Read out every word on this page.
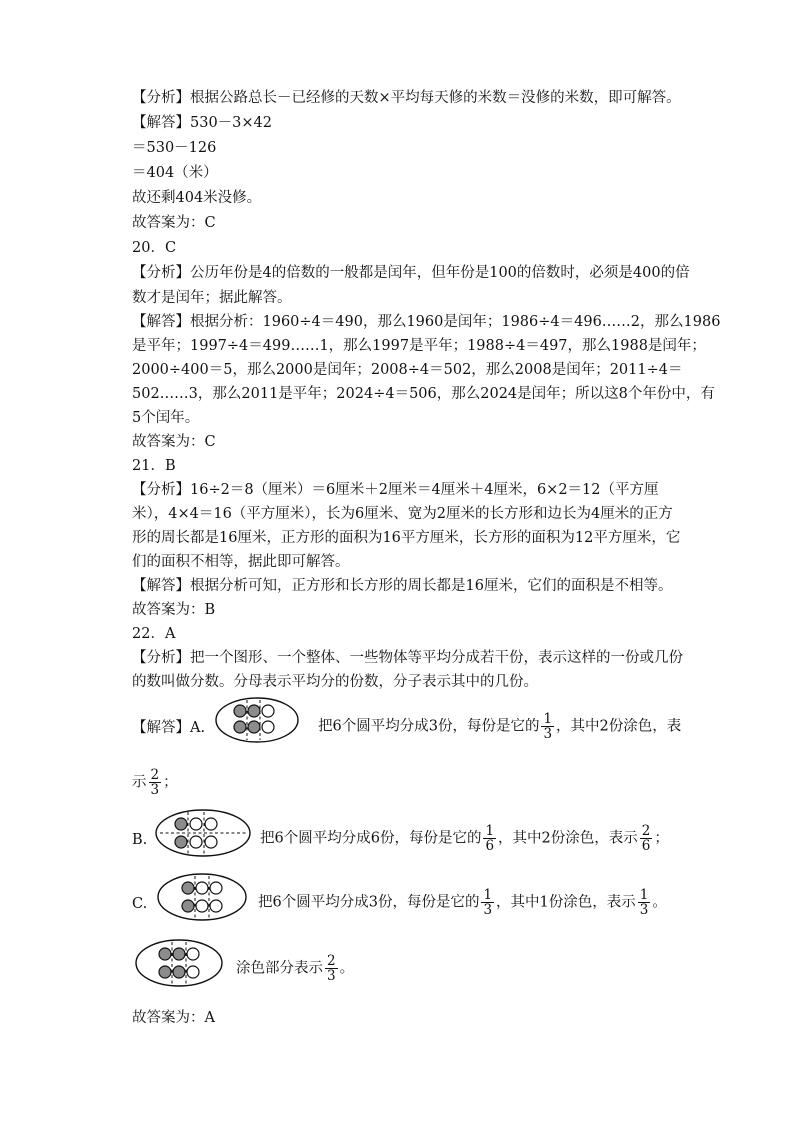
【分析】根据公路总长－已经修的天数×平均每天修的米数＝没修的米数，即可解答。
【解答】530－3×42
＝530－126
＝404（米）
故还剩404米没修。
故答案为：C
20．C
【分析】公历年份是4的倍数的一般都是闰年，但年份是100的倍数时，必须是400的倍
数才是闰年；据此解答。
【解答】根据分析：1960÷4＝490，那么1960是闰年；1986÷4＝496……2，那么1986
是平年；1997÷4＝499……1，那么1997是平年；1988÷4＝497，那么1988是闰年；
2000÷400＝5，那么2000是闰年；2008÷4＝502，那么2008是闰年；2011÷4＝
502……3，那么2011是平年；2024÷4＝506，那么2024是闰年；所以这8个年份中，有
5个闰年。
故答案为：C
21．B
【分析】16÷2＝8（厘米）＝6厘米＋2厘米＝4厘米＋4厘米，6×2＝12（平方厘
米），4×4＝16（平方厘米），长为6厘米、宽为2厘米的长方形和边长为4厘米的正方
形的周长都是16厘米，正方形的面积为16平方厘米，长方形的面积为12平方厘米，它
们的面积不相等，据此即可解答。
【解答】根据分析可知，正方形和长方形的周长都是16厘米，它们的面积是不相等。
故答案为：B
22．A
【分析】把一个图形、一个整体、一些物体等平均分成若干份，表示这样的一份或几份
的数叫做分数。分母表示平均分的份数，分子表示其中的几份。
【解答】A.	把6个圆平均分成3份，每份是它的 $\frac{1}{3}$ ，其中2份涂色，表
示 $\frac{2}{3}$ ；
B.	把6个圆平均分成6份，每份是它的 $\frac{1}{6}$ ，其中2份涂色，表示 $\frac{2}{6}$ ；
C.	把6个圆平均分成3份，每份是它的 $\frac{1}{3}$ ，其中1份涂色，表示 $\frac{1}{3}$ 。
涂色部分表示 $\frac{2}{3}$ 。
故答案为：A
